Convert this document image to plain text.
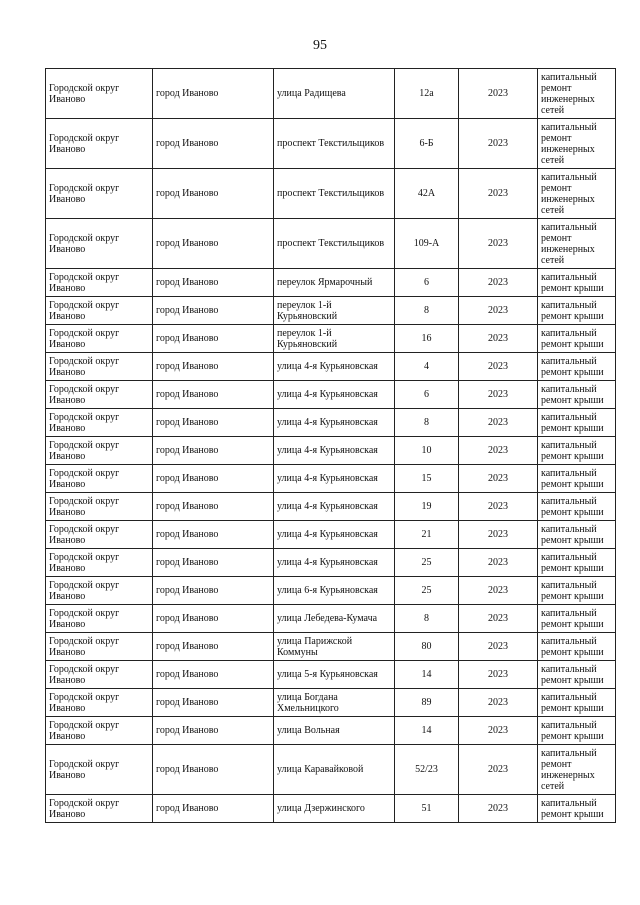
95
Городской округ Иваново	город Иваново	улица Радищева	12а	2023	капитальный ремонт инженерных сетей
Городской округ Иваново	город Иваново	проспект Текстильщиков	6-Б	2023	капитальный ремонт инженерных сетей
Городской округ Иваново	город Иваново	проспект Текстильщиков	42А	2023	капитальный ремонт инженерных сетей
Городской округ Иваново	город Иваново	проспект Текстильщиков	109-А	2023	капитальный ремонт инженерных сетей
Городской округ Иваново	город Иваново	переулок Ярмарочный	6	2023	капитальный ремонт крыши
Городской округ Иваново	город Иваново	переулок 1-й Курьяновский	8	2023	капитальный ремонт крыши
Городской округ Иваново	город Иваново	переулок 1-й Курьяновский	16	2023	капитальный ремонт крыши
Городской округ Иваново	город Иваново	улица 4-я Курьяновская	4	2023	капитальный ремонт крыши
Городской округ Иваново	город Иваново	улица 4-я Курьяновская	6	2023	капитальный ремонт крыши
Городской округ Иваново	город Иваново	улица 4-я Курьяновская	8	2023	капитальный ремонт крыши
Городской округ Иваново	город Иваново	улица 4-я Курьяновская	10	2023	капитальный ремонт крыши
Городской округ Иваново	город Иваново	улица 4-я Курьяновская	15	2023	капитальный ремонт крыши
Городской округ Иваново	город Иваново	улица 4-я Курьяновская	19	2023	капитальный ремонт крыши
Городской округ Иваново	город Иваново	улица 4-я Курьяновская	21	2023	капитальный ремонт крыши
Городской округ Иваново	город Иваново	улица 4-я Курьяновская	25	2023	капитальный ремонт крыши
Городской округ Иваново	город Иваново	улица 6-я Курьяновская	25	2023	капитальный ремонт крыши
Городской округ Иваново	город Иваново	улица Лебедева-Кумача	8	2023	капитальный ремонт крыши
Городской округ Иваново	город Иваново	улица Парижской Коммуны	80	2023	капитальный ремонт крыши
Городской округ Иваново	город Иваново	улица 5-я Курьяновская	14	2023	капитальный ремонт крыши
Городской округ Иваново	город Иваново	улица Богдана Хмельницкого	89	2023	капитальный ремонт крыши
Городской округ Иваново	город Иваново	улица Вольная	14	2023	капитальный ремонт крыши
Городской округ Иваново	город Иваново	улица Каравайковой	52/23	2023	капитальный ремонт инженерных сетей
Городской округ Иваново	город Иваново	улица Дзержинского	51	2023	капитальный ремонт крыши
